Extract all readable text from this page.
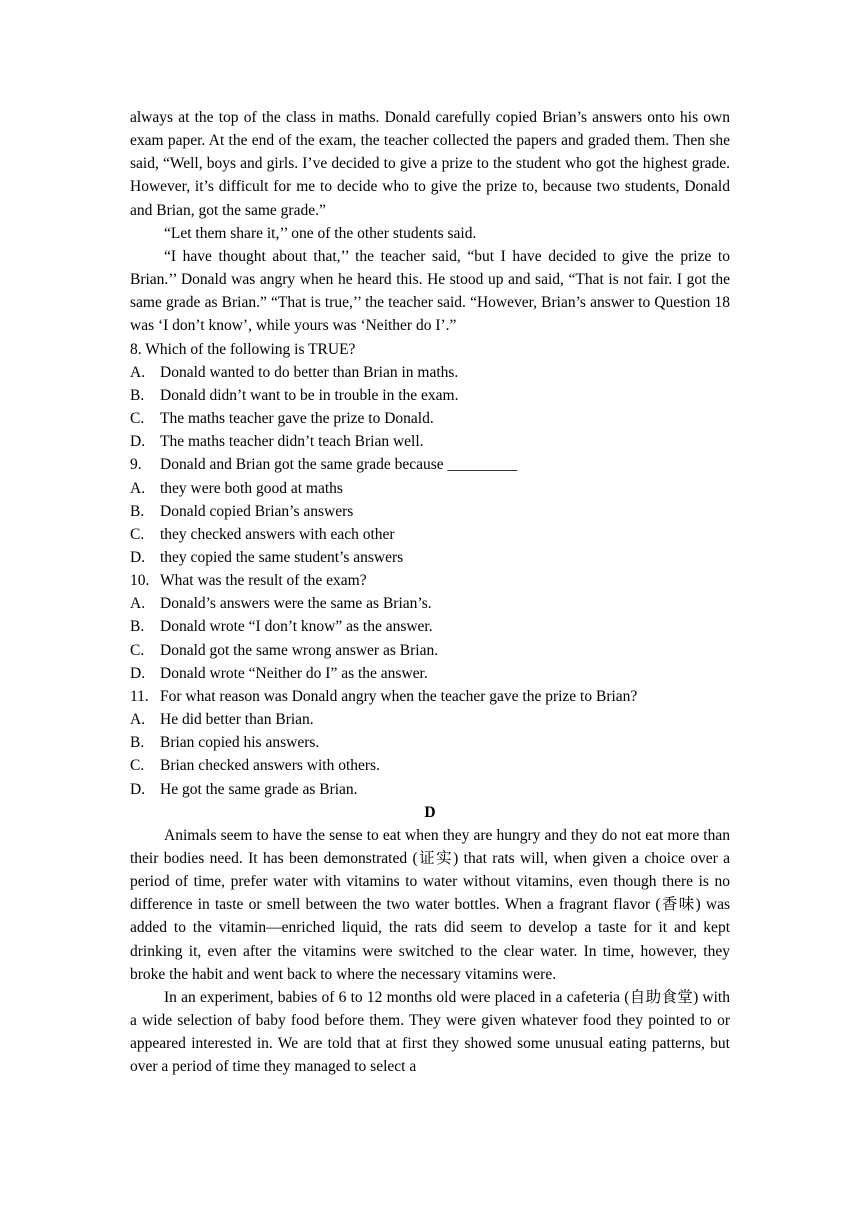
always at the top of the class in maths. Donald carefully copied Brian’s answers onto his own exam paper. At the end of the exam, the teacher collected the papers and graded them. Then she said, “Well, boys and girls. I’ve decided to give a prize to the student who got the highest grade. However, it’s difficult for me to decide who to give the prize to, because two students, Donald and Brian, got the same grade.”

“Let them share it,’’ one of the other students said.

“I have thought about that,’’ the teacher said, “but I have decided to give the prize to Brian.’’ Donald was angry when he heard this. He stood up and said, “That is not fair. I got the same grade as Brian.” “That is true,’’ the teacher said. “However, Brian’s answer to Question 18 was ‘I don’t know’, while yours was ‘Neither do I’.”

8. Which of the following is TRUE?

A. Donald wanted to do better than Brian in maths.
B.	Donald didn’t want to be in trouble in the exam.
C.	The maths teacher gave the prize to Donald.
D. The maths teacher didn’t teach Brian well.
9.	Donald and Brian got the same grade because _________
A. they were both good at maths
B.	Donald copied Brian’s answers
C.	they checked answers with each other
D. they copied the same student’s answers
10. What was the result of the exam?
A. Donald’s answers were the same as Brian’s.
B.	Donald wrote “I don’t know” as the answer.
C.	Donald got the same wrong answer as Brian.
D. Donald wrote “Neither do I” as the answer.
11. For what reason was Donald angry when the teacher gave the prize to Brian?
A. He did better than Brian.
B.	Brian copied his answers.
C.	Brian checked answers with others.
D. He got the same grade as Brian.

D

Animals seem to have the sense to eat when they are hungry and they do not eat more than their bodies need. It has been demonstrated (证实) that rats will, when given a choice over a period of time, prefer water with vitamins to water without vitamins, even though there is no difference in taste or smell between the two water bottles. When a fragrant flavor (香味) was added to the vitamin—enriched liquid, the rats did seem to develop a taste for it and kept drinking it, even after the vitamins were switched to the clear water. In time, however, they broke the habit and went back to where the necessary vitamins were.

In an experiment, babies of 6 to 12 months old were placed in a cafeteria (自助食堂) with a wide selection of baby food before them. They were given whatever food they pointed to or appeared interested in. We are told that at first they showed some unusual eating patterns, but over a period of time they managed to select a
